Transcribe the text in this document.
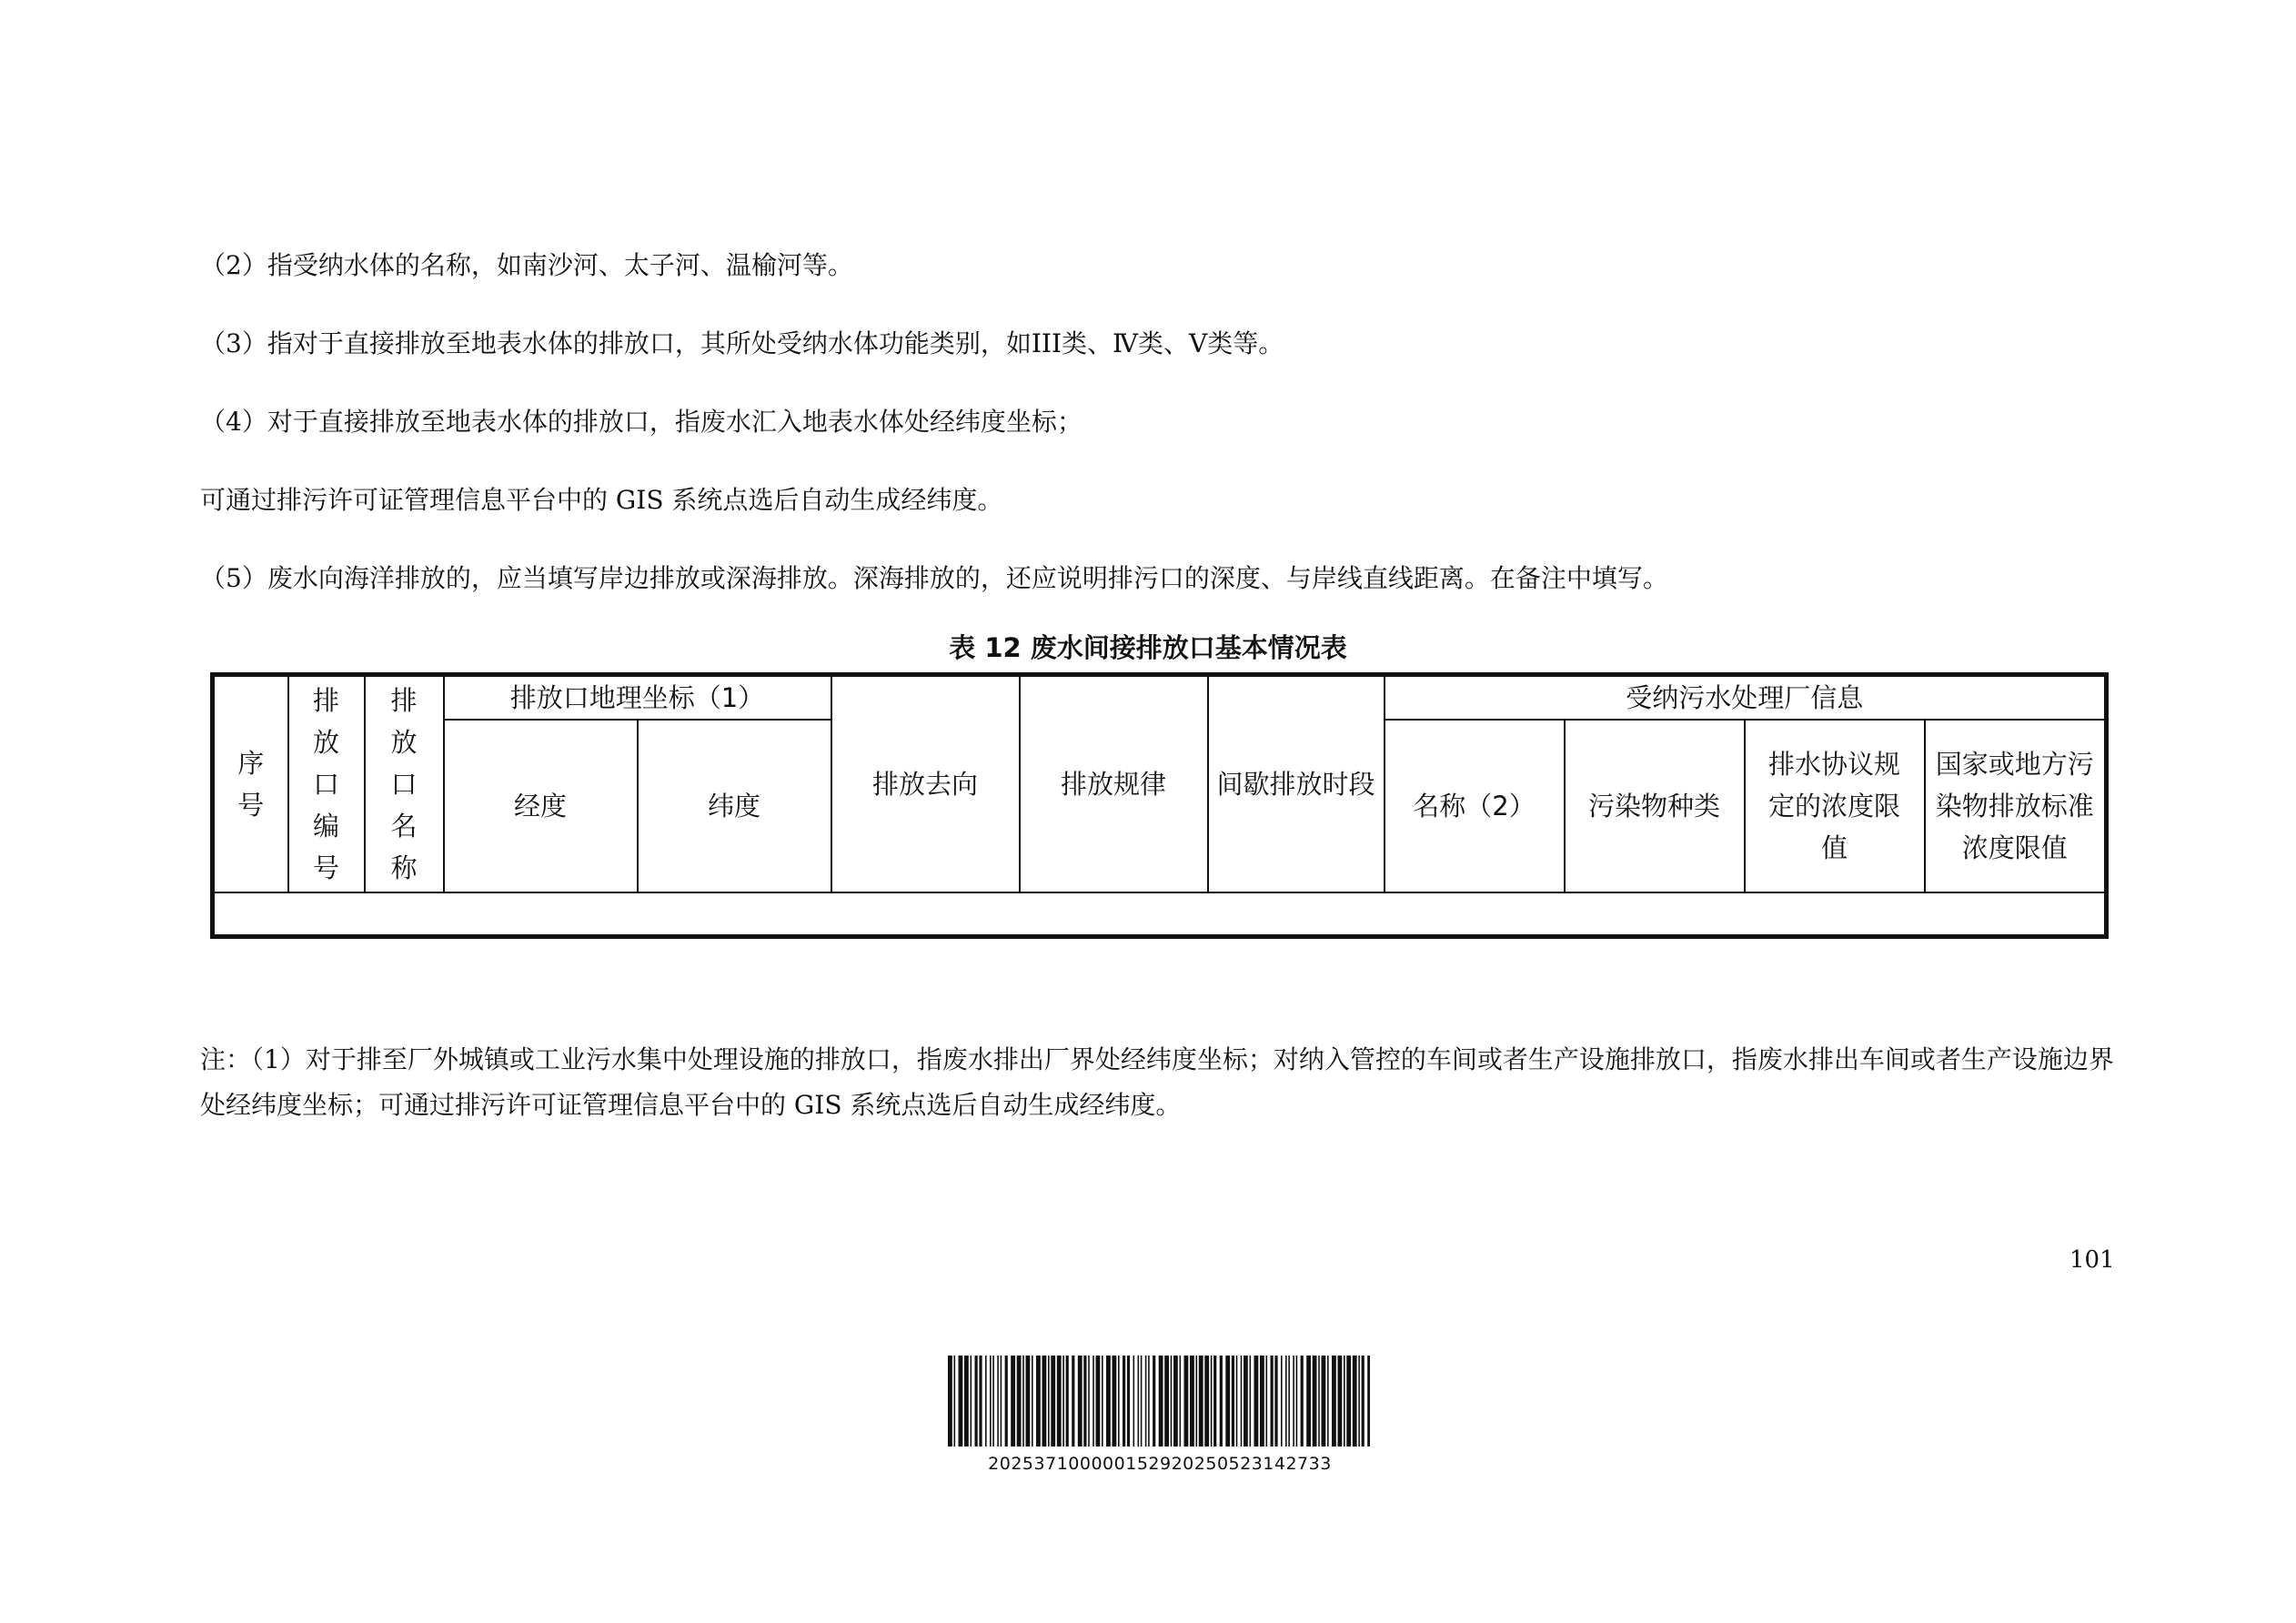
（2）指受纳水体的名称，如南沙河、太子河、温榆河等。
（3）指对于直接排放至地表水体的排放口，其所处受纳水体功能类别，如III类、Ⅳ类、Ⅴ类等。
（4）对于直接排放至地表水体的排放口，指废水汇入地表水体处经纬度坐标；
可通过排污许可证管理信息平台中的 GIS 系统点选后自动生成经纬度。
（5）废水向海洋排放的，应当填写岸边排放或深海排放。深海排放的，还应说明排污口的深度、与岸线直线距离。在备注中填写。
表 12 废水间接排放口基本情况表
序号	排放口编号	排放口名称	排放口地理坐标（1）		排放去向	排放规律	间歇排放时段	受纳污水处理厂信息			
			经度	纬度				名称（2）	污染物种类	排水协议规定的浓度限值	国家或地方污染物排放标准浓度限值

注：（1）对于排至厂外城镇或工业污水集中处理设施的排放口，指废水排出厂界处经纬度坐标；对纳入管控的车间或者生产设施排放口，指废水排出车间或者生产设施边界处经纬度坐标；可通过排污许可证管理信息平台中的 GIS 系统点选后自动生成经纬度。
101
2025371000001529202505231427​33
